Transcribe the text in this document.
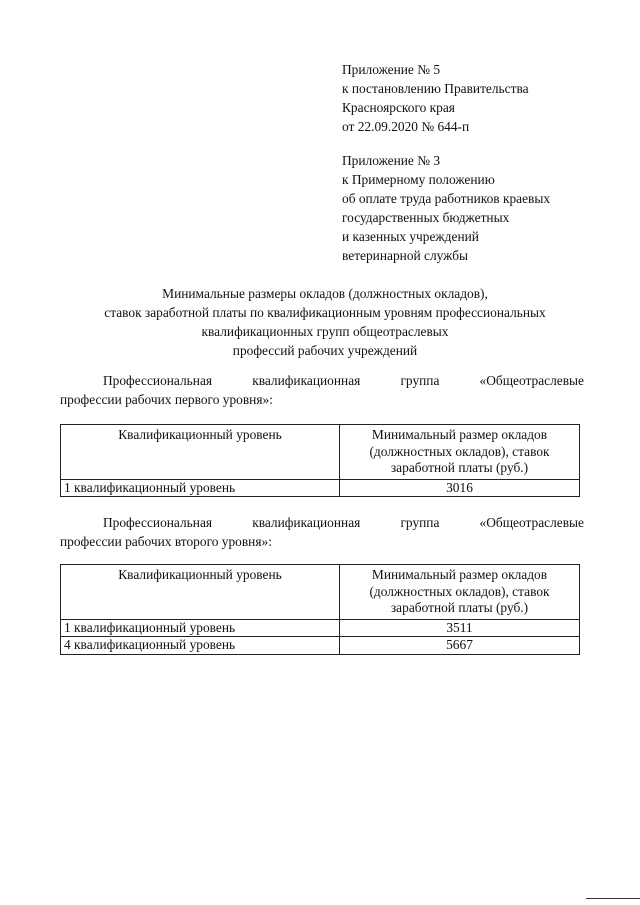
Приложение № 5
к постановлению Правительства
Красноярского края
от 22.09.2020 № 644-п
Приложение № 3
к Примерному положению
об оплате труда работников краевых
государственных бюджетных
и казенных учреждений
ветеринарной службы
Минимальные размеры окладов (должностных окладов),
ставок заработной платы по квалификационным уровням профессиональных
квалификационных групп общеотраслевых
профессий рабочих учреждений
Профессиональная	квалификационная	группа	«Общеотраслевые
профессии рабочих первого уровня»:
Квалификационный уровень	Минимальный размер окладов (должностных окладов), ставок заработной платы (руб.)
1 квалификационный уровень	3016
Профессиональная	квалификационная	группа	«Общеотраслевые
профессии рабочих второго уровня»:
Квалификационный уровень	Минимальный размер окладов (должностных окладов), ставок заработной платы (руб.)
1 квалификационный уровень	3511
4 квалификационный уровень	5667
